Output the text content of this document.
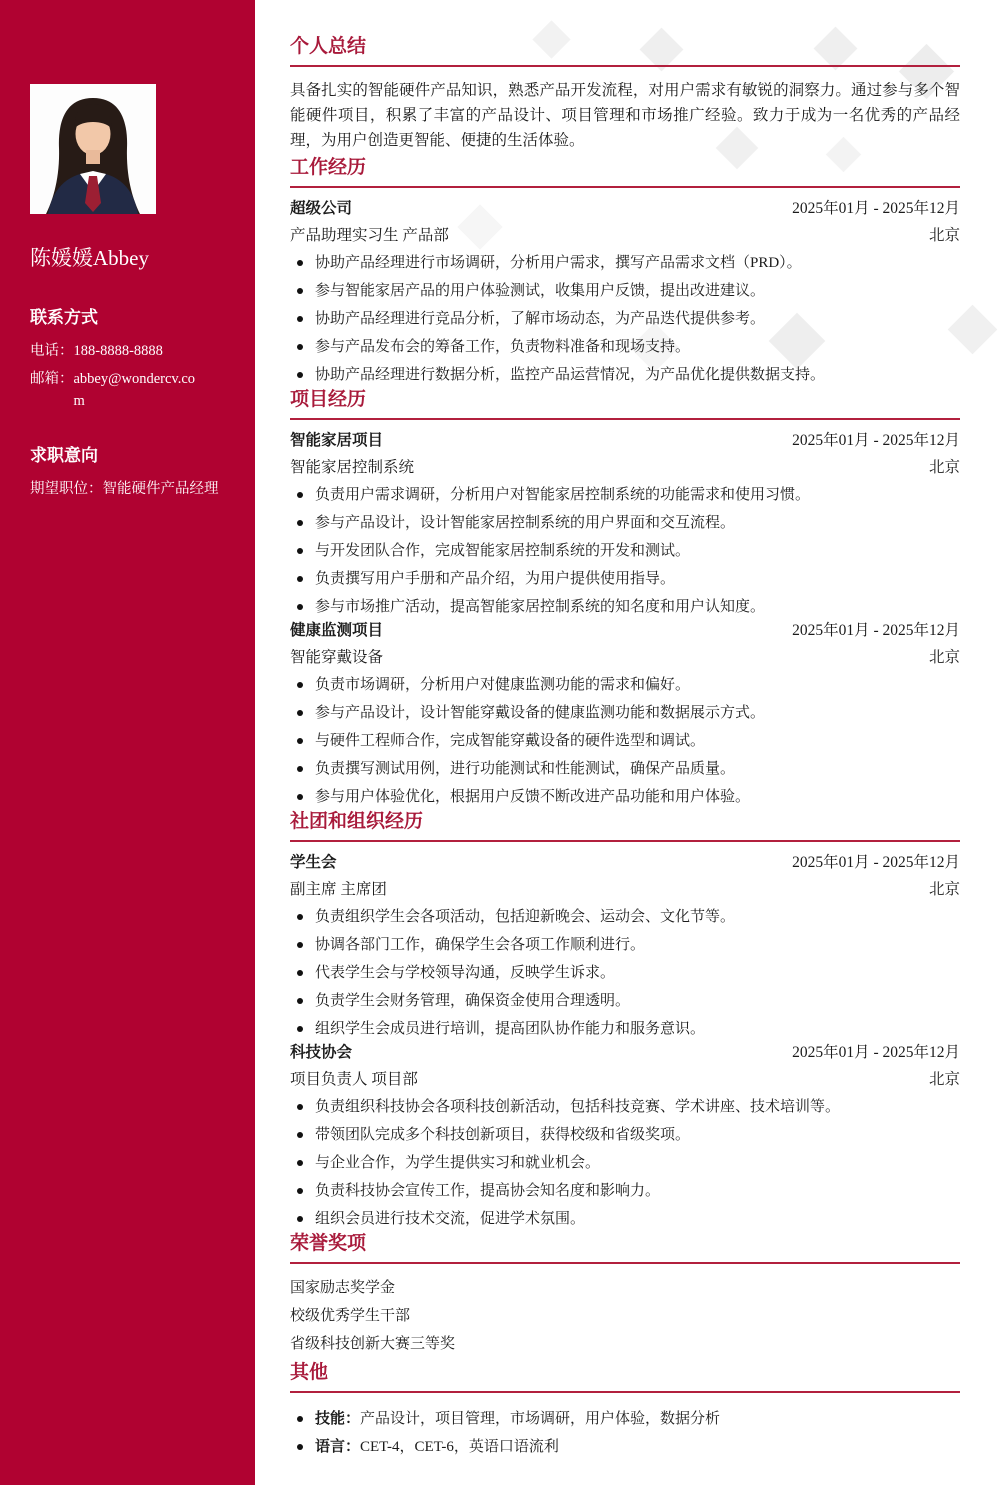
陈媛媛Abbey
联系方式
电话： 188-8888-8888
邮箱： abbey@wondercv.com
求职意向
期望职位： 智能硬件产品经理
个人总结

具备扎实的智能硬件产品知识，熟悉产品开发流程，对用户需求有敏锐的洞察力。通过参与多个智能硬件项目，积累了丰富的产品设计、项目管理和市场推广经验。致力于成为一名优秀的产品经理，为用户创造更智能、便捷的生活体验。

工作经历
超级公司	2025年01月 - 2025年12月
产品助理实习生 产品部	北京
协助产品经理进行市场调研，分析用户需求，撰写产品需求文档（PRD）。
参与智能家居产品的用户体验测试，收集用户反馈，提出改进建议。
协助产品经理进行竞品分析，了解市场动态，为产品迭代提供参考。
参与产品发布会的筹备工作，负责物料准备和现场支持。
协助产品经理进行数据分析，监控产品运营情况，为产品优化提供数据支持。
项目经历
智能家居项目	2025年01月 - 2025年12月
智能家居控制系统	北京
负责用户需求调研，分析用户对智能家居控制系统的功能需求和使用习惯。
参与产品设计，设计智能家居控制系统的用户界面和交互流程。
与开发团队合作，完成智能家居控制系统的开发和测试。
负责撰写用户手册和产品介绍，为用户提供使用指导。
参与市场推广活动，提高智能家居控制系统的知名度和用户认知度。
健康监测项目	2025年01月 - 2025年12月
智能穿戴设备	北京
负责市场调研，分析用户对健康监测功能的需求和偏好。
参与产品设计，设计智能穿戴设备的健康监测功能和数据展示方式。
与硬件工程师合作，完成智能穿戴设备的硬件选型和调试。
负责撰写测试用例，进行功能测试和性能测试，确保产品质量。
参与用户体验优化，根据用户反馈不断改进产品功能和用户体验。
社团和组织经历
学生会	2025年01月 - 2025年12月
副主席 主席团	北京
负责组织学生会各项活动，包括迎新晚会、运动会、文化节等。
协调各部门工作，确保学生会各项工作顺利进行。
代表学生会与学校领导沟通，反映学生诉求。
负责学生会财务管理，确保资金使用合理透明。
组织学生会成员进行培训，提高团队协作能力和服务意识。
科技协会	2025年01月 - 2025年12月
项目负责人 项目部	北京
负责组织科技协会各项科技创新活动，包括科技竞赛、学术讲座、技术培训等。
带领团队完成多个科技创新项目，获得校级和省级奖项。
与企业合作，为学生提供实习和就业机会。
负责科技协会宣传工作，提高协会知名度和影响力。
组织会员进行技术交流，促进学术氛围。
荣誉奖项

国家励志奖学金

校级优秀学生干部

省级科技创新大赛三等奖

其他
技能：产品设计，项目管理，市场调研，用户体验，数据分析
语言：CET-4，CET-6，英语口语流利
